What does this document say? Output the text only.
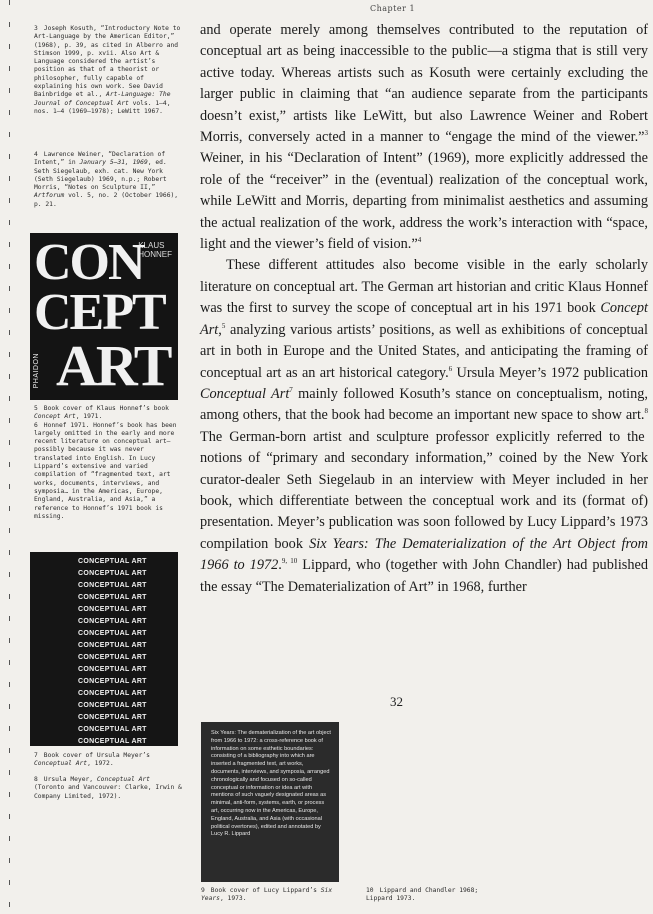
Chapter 1

3 Joseph Kosuth, “Introductory Note to Art-Language by the American Editor,” (1968), p. 39, as cited in Alberro and Stimson 1999, p. xvii. Also Art & Language considered the artist’s position as that of a theorist or philosopher, fully capable of explaining his own work. See David Bainbridge et al., Art-Language: The Journal of Conceptual Art vols. 1–4, nos. 1–4 (1969–1978); LeWitt 1967.

4 Lawrence Weiner, “Declaration of Intent,” in January 5–31, 1969, ed. Seth Siegelaub, exh. cat. New York (Seth Siegelaub) 1969, n.p.; Robert Morris, “Notes on Sculpture II,” Artforum vol. 5, no. 2 (October 1966), p. 21.

KLAUS
HONNEF
CON
CEPT
ART
PHAIDON

5 Book cover of Klaus Honnef’s book Concept Art, 1971.

6 Honnef 1971. Honnef’s book has been largely omitted in the early and more recent literature on conceptual art—possibly because it was never translated into English. In Lucy Lippard’s extensive and varied compilation of “fragmented text, art works, documents, interviews, and symposia… in the Americas, Europe, England, Australia, and Asia,” a reference to Honnef’s 1971 book is missing.

CONCEPTUAL ART
CONCEPTUAL ART
CONCEPTUAL ART
CONCEPTUAL ART
CONCEPTUAL ART
CONCEPTUAL ART
CONCEPTUAL ART
CONCEPTUAL ART
CONCEPTUAL ART
CONCEPTUAL ART
CONCEPTUAL ART
CONCEPTUAL ART
CONCEPTUAL ART
CONCEPTUAL ART
CONCEPTUAL ART
CONCEPTUAL ART

7 Book cover of Ursula Meyer’s Conceptual Art, 1972.

8 Ursula Meyer, Conceptual Art (Toronto and Vancouver: Clarke, Irwin & Company Limited, 1972).

and operate merely among themselves contributed to the reputation of conceptual art as being inaccessible to the public—a stigma that is still very active today. Whereas artists such as Kosuth were certainly excluding the larger public in claiming that “an audience separate from the participants doesn’t exist,” artists like LeWitt, but also Lawrence Weiner and Robert Morris, conversely acted in a manner to “engage the mind of the viewer.”$^3$ Weiner, in his “Declaration of Intent” (1969), more explicitly addressed the role of the “receiver” in the (eventual) realization of the conceptual work, while LeWitt and Morris, departing from minimalist aesthetics and assuming the actual realization of the work, address the work’s interaction with “space, light and the viewer’s field of vision.”$^4$

These different attitudes also become visible in the early scholarly literature on conceptual art. The German art historian and critic Klaus Honnef was the first to survey the scope of conceptual art in his 1971 book Concept Art,$^5$ analyzing various artists’ positions, as well as exhibitions of conceptual art in both in Europe and the United States, and anticipating the framing of conceptual art as an art historical category.$^6$ Ursula Meyer’s 1972 publication Conceptual Art$^7$ mainly followed Kosuth’s stance on conceptualism, noting, among others, that the book had become an important new space to show art.$^8$ The German-born artist and sculpture professor explicitly referred to the notions of “primary and secondary information,” coined by the New York curator-dealer Seth Siegelaub in an interview with Meyer included in her book, which differentiate between the conceptual work and its (format of) presentation. Meyer’s publication was soon followed by Lucy Lippard’s 1973 compilation book Six Years: The Dematerialization of the Art Object from 1966 to 1972.$^{9, 10}$ Lippard, who (together with John Chandler) had published the essay “The Dematerialization of Art” in 1968, further

32

Six Years: The dematerialization of the art object from 1966 to 1972: a cross-reference book of information on some esthetic boundaries: consisting of a bibliography into which are inserted a fragmented text, art works, documents, interviews, and symposia, arranged chronologically and focused on so-called conceptual or information or idea art with mentions of such vaguely designated areas as minimal, anti-form, systems, earth, or process art, occurring now in the Americas, Europe, England, Australia, and Asia (with occasional political overtones), edited and annotated by Lucy R. Lippard

9 Book cover of Lucy Lippard’s Six Years, 1973.

10 Lippard and Chandler 1968; Lippard 1973.
